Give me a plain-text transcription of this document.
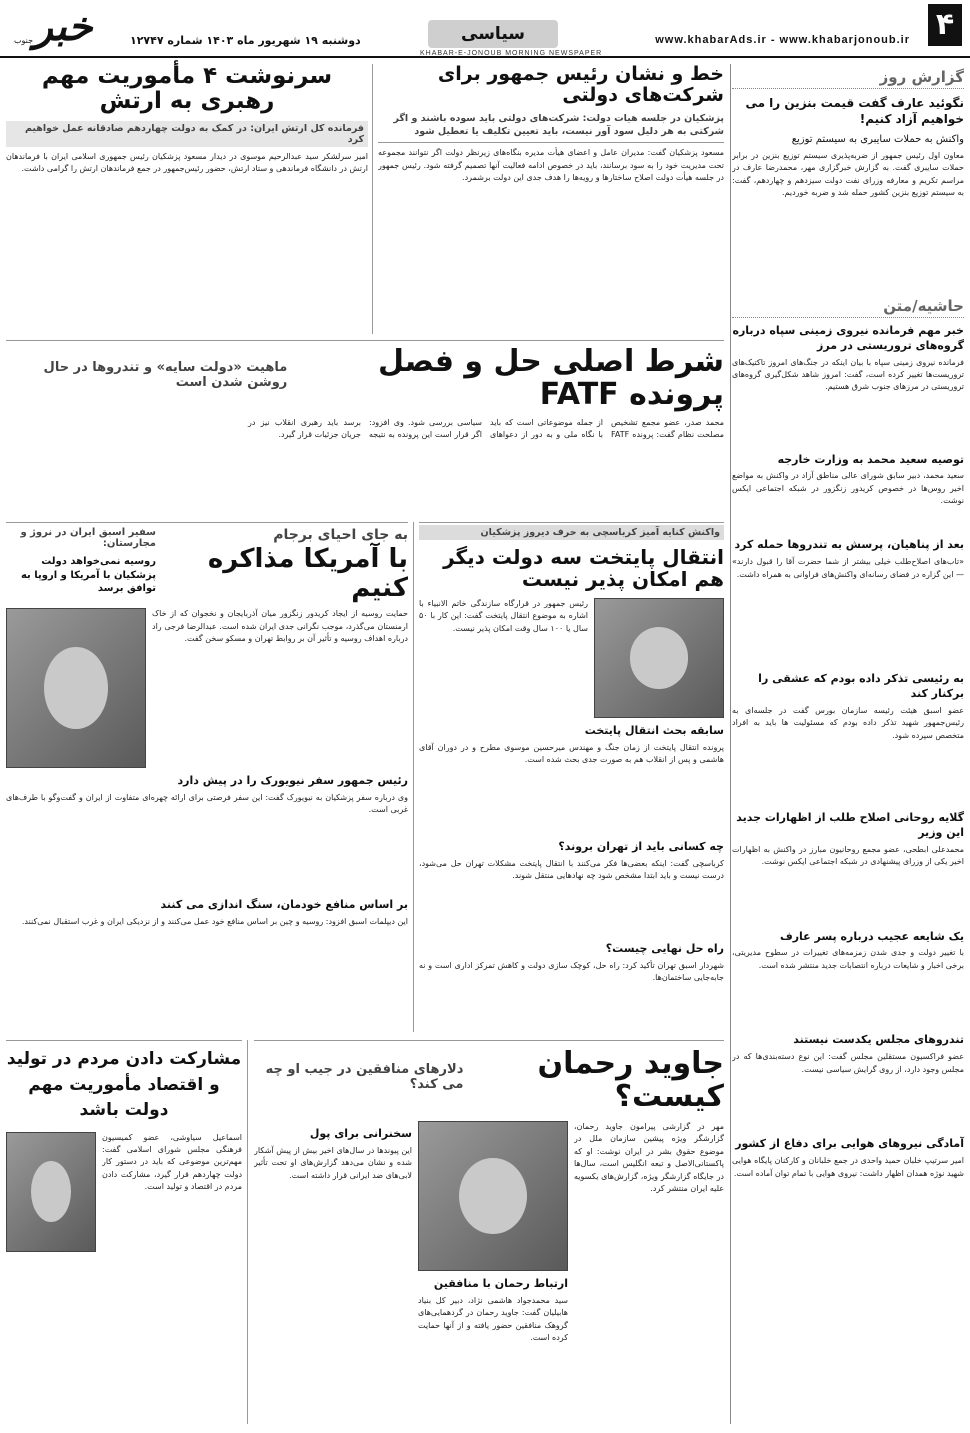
۴
www.khabarAds.ir - www.khabarjonoub.ir
سیاسی
KHABAR-E-JONOUB MORNING NEWSPAPER
خبر
جنوب	دوشنبه ۱۹ شهریور ماه ۱۴۰۳ شماره ۱۲۷۴۷
گزارش روز
نگوئید عارف گفت قیمت بنزین را می خواهیم آزاد کنیم!
واکنش به حملات سایبری به سیستم توزیع
معاون اول رئیس جمهور از ضربه‌پذیری سیستم توزیع بنزین در برابر حملات سایبری گفت. به گزارش خبرگزاری مهر، محمدرضا عارف در مراسم تکریم و معارفه وزرای نفت دولت سیزدهم و چهاردهم، گفت: به سیستم توزیع بنزین کشور حمله شد و ضربه خوردیم.
حاشیه/متن
خبر مهم فرمانده نیروی زمینی سپاه درباره گروه‌های تروریستی در مرز
فرمانده نیروی زمینی سپاه با بیان اینکه در جنگ‌های امروز تاکتیک‌های تروریست‌ها تغییر کرده است، گفت: امروز شاهد شکل‌گیری گروه‌های تروریستی در مرزهای جنوب شرق هستیم.
توصیه سعید محمد به وزارت خارجه
سعید محمد، دبیر سابق شورای عالی مناطق آزاد در واکنش به مواضع اخیر روس‌ها در خصوص کریدور زنگزور در شبکه اجتماعی ایکس نوشت.
بعد از پناهیان، پرسش به تندروها حمله کرد
«تاب‌های اصلاح‌طلب خیلی بیشتر از شما حضرت آقا را قبول دارند» — این گزاره در فضای رسانه‌ای واکنش‌های فراوانی به همراه داشت.
به رئیسی تذکر داده بودم که عشقی را برکنار کند
عضو اسبق هیئت رئیسه سازمان بورس گفت در جلسه‌ای به رئیس‌جمهور شهید تذکر داده بودم که مسئولیت ها باید به افراد متخصص سپرده شود.
گلایه روحانی اصلاح طلب از اظهارات جدید این وزیر
محمدعلی ابطحی، عضو مجمع روحانیون مبارز در واکنش به اظهارات اخیر یکی از وزرای پیشنهادی در شبکه اجتماعی ایکس نوشت.
یک شایعه عجیب درباره پسر عارف
با تغییر دولت و جدی شدن زمزمه‌های تغییرات در سطوح مدیریتی، برخی اخبار و شایعات درباره انتصابات جدید منتشر شده است.
تندروهای مجلس یکدست نیستند
عضو فراکسیون مستقلین مجلس گفت: این نوع دسته‌بندی‌ها که در مجلس وجود دارد، از روی گرایش سیاسی نیست.
آمادگی نیروهای هوایی برای دفاع از کشور
امیر سرتیپ خلبان حمید واحدی در جمع خلبانان و کارکنان پایگاه هوایی شهید نوژه همدان اظهار داشت: نیروی هوایی با تمام توان آماده است.
خط و نشان رئیس جمهور برای شرکت‌های دولتی
پزشکیان در جلسه هیات دولت: شرکت‌های دولتی باید سوده باشند و اگر شرکتی به هر دلیل سود آور نیست، باید تعیین تکلیف یا تعطیل شود
مسعود پزشکیان گفت: مدیران عامل و اعضای هیأت مدیره بنگاه‌های زیرنظر دولت اگر نتوانند مجموعه تحت مدیریت خود را به سود برسانند، باید در خصوص ادامه فعالیت آنها تصمیم گرفته شود. رئیس جمهور در جلسه هیأت دولت اصلاح ساختارها و رویه‌ها را هدف جدی این دولت برشمرد.
سرنوشت ۴ مأموریت مهم رهبری به ارتش
فرمانده کل ارتش ایران: در کمک به دولت چهاردهم صادقانه عمل خواهیم کرد
امیر سرلشکر سید عبدالرحیم موسوی در دیدار مسعود پزشکیان رئیس جمهوری اسلامی ایران با فرماندهان ارتش در دانشگاه فرماندهی و ستاد ارتش، حضور رئیس‌جمهور در جمع فرماندهان ارتش را گرامی داشت.
شرط اصلی حل و فصل پرونده FATF
ماهیت «دولت سایه» و تندروها در حال روشن شدن است
محمد صدر، عضو مجمع تشخیص مصلحت نظام گفت: پرونده FATF از جمله موضوعاتی است که باید با نگاه ملی و به دور از دعواهای سیاسی بررسی شود. وی افزود: اگر قرار است این پرونده به نتیجه برسد باید رهبری انقلاب نیز در جریان جزئیات قرار گیرد.
واکنش کنایه آمیز کرباسچی به حرف دیروز پزشکیان
انتقال پایتخت سه دولت دیگر هم امکان پذیر نیست
رئیس جمهور در قرارگاه سازندگی خاتم الانبیاء با اشاره به موضوع انتقال پایتخت گفت: این کار با ۵۰ سال یا ۱۰۰ سال وقت امکان پذیر نیست.
سابقه بحث انتقال پایتخت
پرونده انتقال پایتخت از زمان جنگ و مهندس میرحسین موسوی مطرح و در دوران آقای هاشمی و پس از انقلاب هم به صورت جدی بحث شده است.
چه کسانی باید از تهران بروند؟
کرباسچی گفت: اینکه بعضی‌ها فکر می‌کنند با انتقال پایتخت مشکلات تهران حل می‌شود، درست نیست و باید ابتدا مشخص شود چه نهادهایی منتقل شوند.
راه حل نهایی چیست؟
شهردار اسبق تهران تأکید کرد: راه حل، کوچک سازی دولت و کاهش تمرکز اداری است و نه جابه‌جایی ساختمان‌ها.
به جای احیای برجام
با آمریکا مذاکره کنیم
سفیر اسبق ایران در نروژ و مجارستان:
روسیه نمی‌خواهد دولت پزشکیان با آمریکا و اروپا به توافق برسد
حمایت روسیه از ایجاد کریدور زنگزور میان آذربایجان و نخجوان که از خاک ارمنستان می‌گذرد، موجب نگرانی جدی ایران شده است. عبدالرضا فرجی راد درباره اهداف روسیه و تأثیر آن بر روابط تهران و مسکو سخن گفت.
رئیس جمهور سفر نیویورک را در پیش دارد
وی درباره سفر پزشکیان به نیویورک گفت: این سفر فرصتی برای ارائه چهره‌ای متفاوت از ایران و گفت‌وگو با طرف‌های غربی است.
بر اساس منافع خودمان، سنگ اندازی می کنند
این دیپلمات اسبق افزود: روسیه و چین بر اساس منافع خود عمل می‌کنند و از نزدیکی ایران و غرب استقبال نمی‌کنند.
جاوید رحمان کیست؟
دلارهای منافقین در جیب او چه می کند؟
مهر در گزارشی پیرامون جاوید رحمان، گزارشگر ویژه پیشین سازمان ملل در موضوع حقوق بشر در ایران نوشت: او که پاکستانی‌الاصل و تبعه انگلیس است، سال‌ها در جایگاه گزارشگر ویژه، گزارش‌های یکسویه علیه ایران منتشر کرد.
ارتباط رحمان با منافقین
سید محمدجواد هاشمی نژاد، دبیر کل بنیاد هابیلیان گفت: جاوید رحمان در گردهمایی‌های گروهک منافقین حضور یافته و از آنها حمایت کرده است.
سخنرانی برای پول
این پیوندها در سال‌های اخیر بیش از پیش آشکار شده و نشان می‌دهد گزارش‌های او تحت تأثیر لابی‌های ضد ایرانی قرار داشته است.
مشارکت دادن مردم در تولید و اقتصاد مأموریت مهم دولت باشد
اسماعیل سیاوشی، عضو کمیسیون فرهنگی مجلس شورای اسلامی گفت: مهم‌ترین موضوعی که باید در دستور کار دولت چهاردهم قرار گیرد، مشارکت دادن مردم در اقتصاد و تولید است.
